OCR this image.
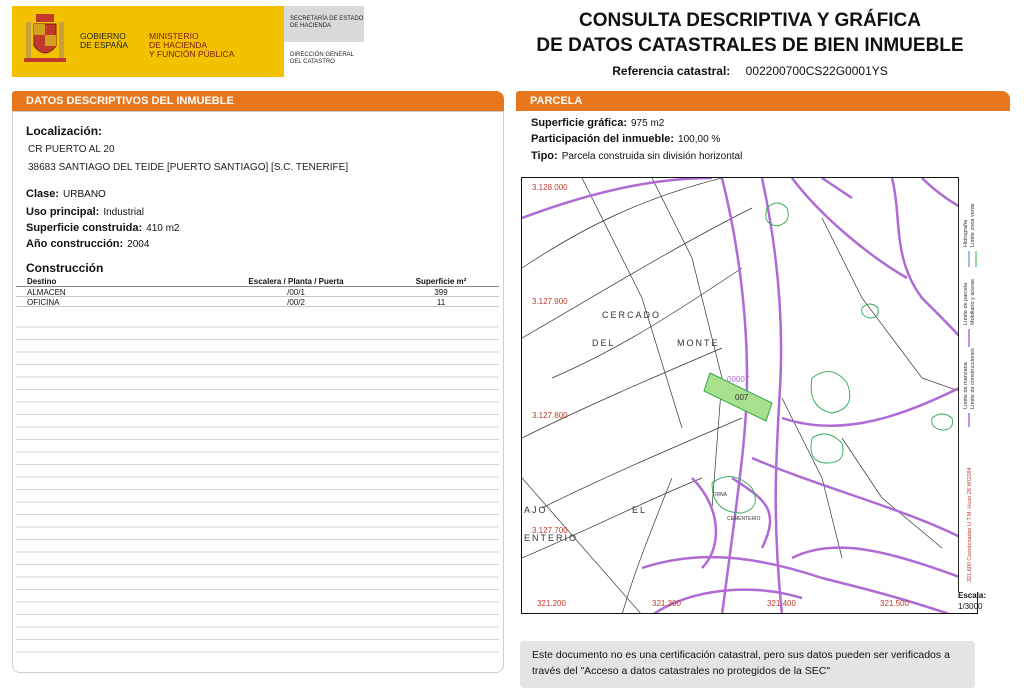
GOBIERNO
DE ESPAÑA
MINISTERIO
DE HACIENDA
Y FUNCIÓN PÚBLICA
SECRETARÍA DE ESTADO
DE HACIENDA
DIRECCIÓN GENERAL
DEL CATASTRO
CONSULTA DESCRIPTIVA Y GRÁFICA
DE DATOS CATASTRALES DE BIEN INMUEBLE
Referencia catastral: 002200700CS22G0001YS
DATOS DESCRIPTIVOS DEL INMUEBLE
Localización:
CR PUERTO AL 20
38683 SANTIAGO DEL TEIDE [PUERTO SANTIAGO] [S.C. TENERIFE]
Clase: URBANO
Uso principal: Industrial
Superficie construida: 410 m2
Año construcción: 2004
Construcción
Destino	Escalera / Planta / Puerta	Superficie m²
ALMACEN	/00/1	399
OFICINA	/00/2	11
PARCELA
Superficie gráfica: 975 m2
Participación del inmueble: 100,00 %
Tipo: Parcela construida sin división horizontal
CERCADO
DEL	MONTE
EL
AJO
ENTERIO
CEMENTERIO
TIRNA
007
00007
3.128.000
3.127.900
3.127.800
3.127.700
321.200	321.300	321.400	321.500
Límite de parcela
Hidrografía
Límite de manzana
Mobiliario y aceras
Límite de construcciones
Límite zona verde
321.600 Coordenadas U.T.M. Huso 28 WGS84
Escala:
1/3000
Este documento no es una certificación catastral, pero sus datos pueden ser verificados a través del "Acceso a datos catastrales no protegidos de la SEC"
